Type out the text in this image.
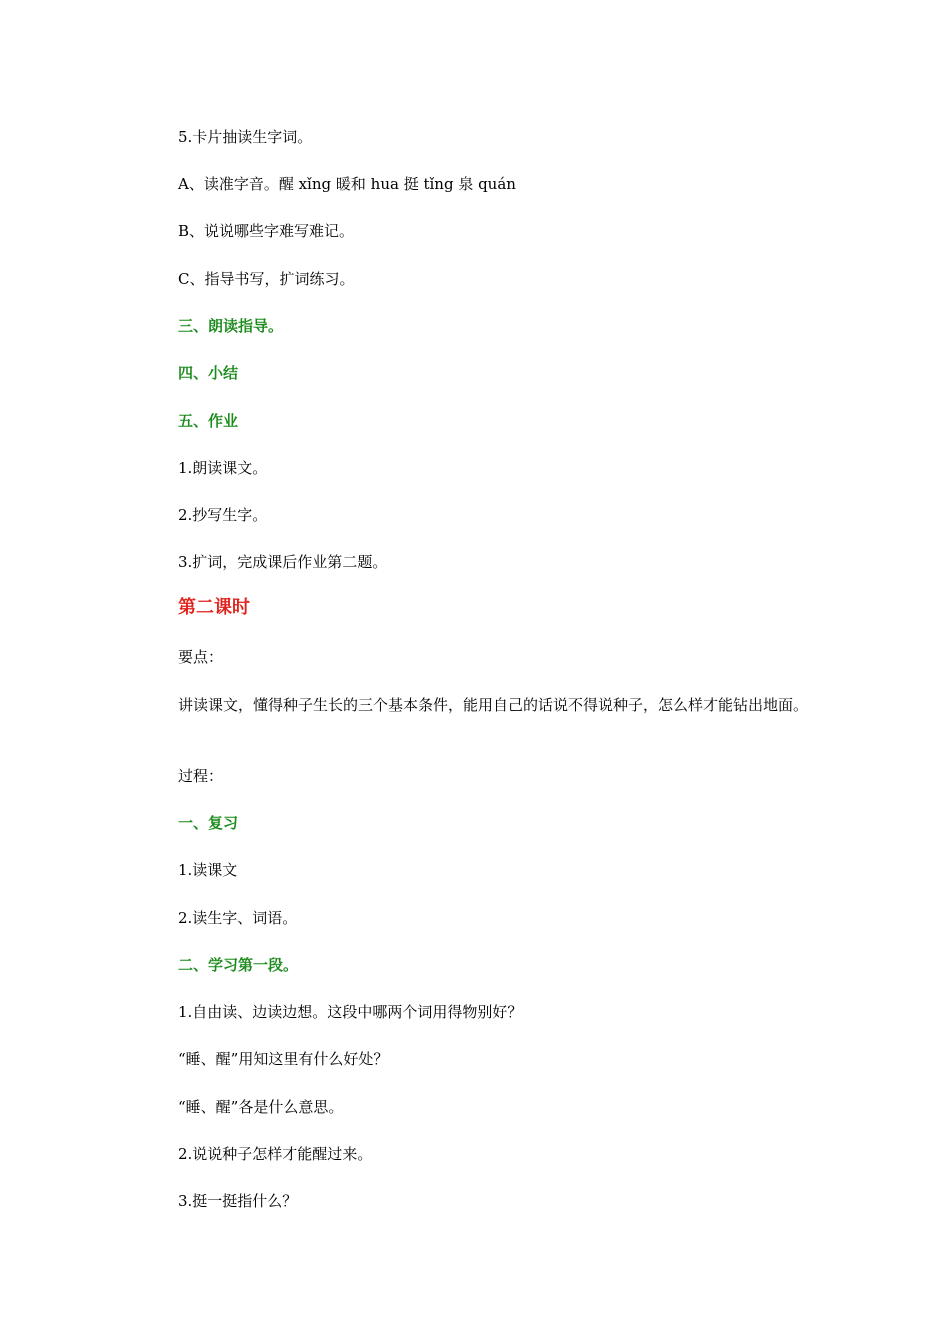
5.卡片抽读生字词。
A、读准字音。醒 xǐng 暖和 hua 挺 tǐng 泉 quán
B、说说哪些字难写难记。
C、指导书写，扩词练习。
三、朗读指导。
四、小结
五、作业
1.朗读课文。
2.抄写生字。
3.扩词，完成课后作业第二题。
第二课时
要点：
讲读课文，懂得种子生长的三个基本条件，能用自己的话说不得说种子，怎么样才能钻出地面。
过程：
一、复习
1.读课文
2.读生字、词语。
二、学习第一段。
1.自由读、边读边想。这段中哪两个词用得物别好？
“睡、醒”用知这里有什么好处？
“睡、醒”各是什么意思。
2.说说种子怎样才能醒过来。
3.挺一挺指什么？
